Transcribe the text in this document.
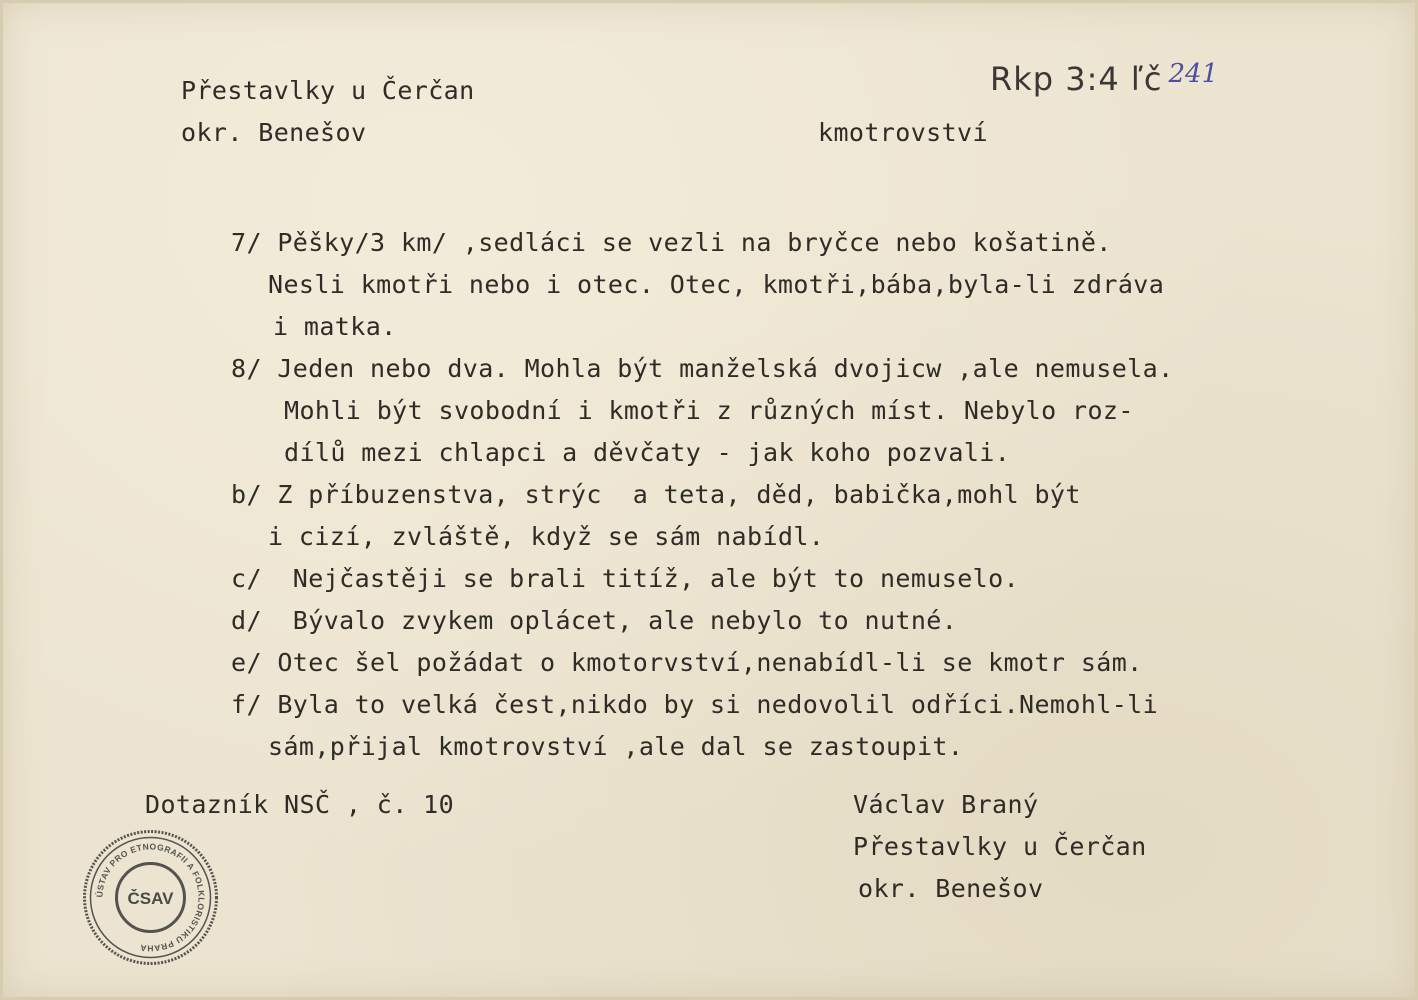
Přestavlky u Čerčan
okr. Benešov
Rkp 3:4 ľč 241
kmotrovství
7/ Pěšky/3 km/ ,sedláci se vezli na bryčce nebo košatině.
Nesli kmotři nebo i otec. Otec, kmotři,bába,byla-li zdráva
i matka.
8/ Jeden nebo dva. Mohla být manželská dvojicw ,ale nemusela.
Mohli být svobodní i kmotři z různých míst. Nebylo roz-
dílů mezi chlapci a děvčaty - jak koho pozvali.
b/ Z příbuzenstva, strýc  a teta, děd, babička,mohl být
i cizí, zvláště, když se sám nabídl.
c/  Nejčastěji se brali titíž, ale být to nemuselo.
d/  Bývalo zvykem oplácet, ale nebylo to nutné.
e/ Otec šel požádat o kmotorvství,nenabídl-li se kmotr sám.
f/ Byla to velká čest,nikdo by si nedovolil odříci.Nemohl-li
sám,přijal kmotrovství ,ale dal se zastoupit.
Dotazník NSČ , č. 10	Václav Braný
Přestavlky u Čerčan
okr. Benešov
ÚSTAV PRO ETNOGRAFII A FOLKLORISTIKU PRAHA
ČSAV
